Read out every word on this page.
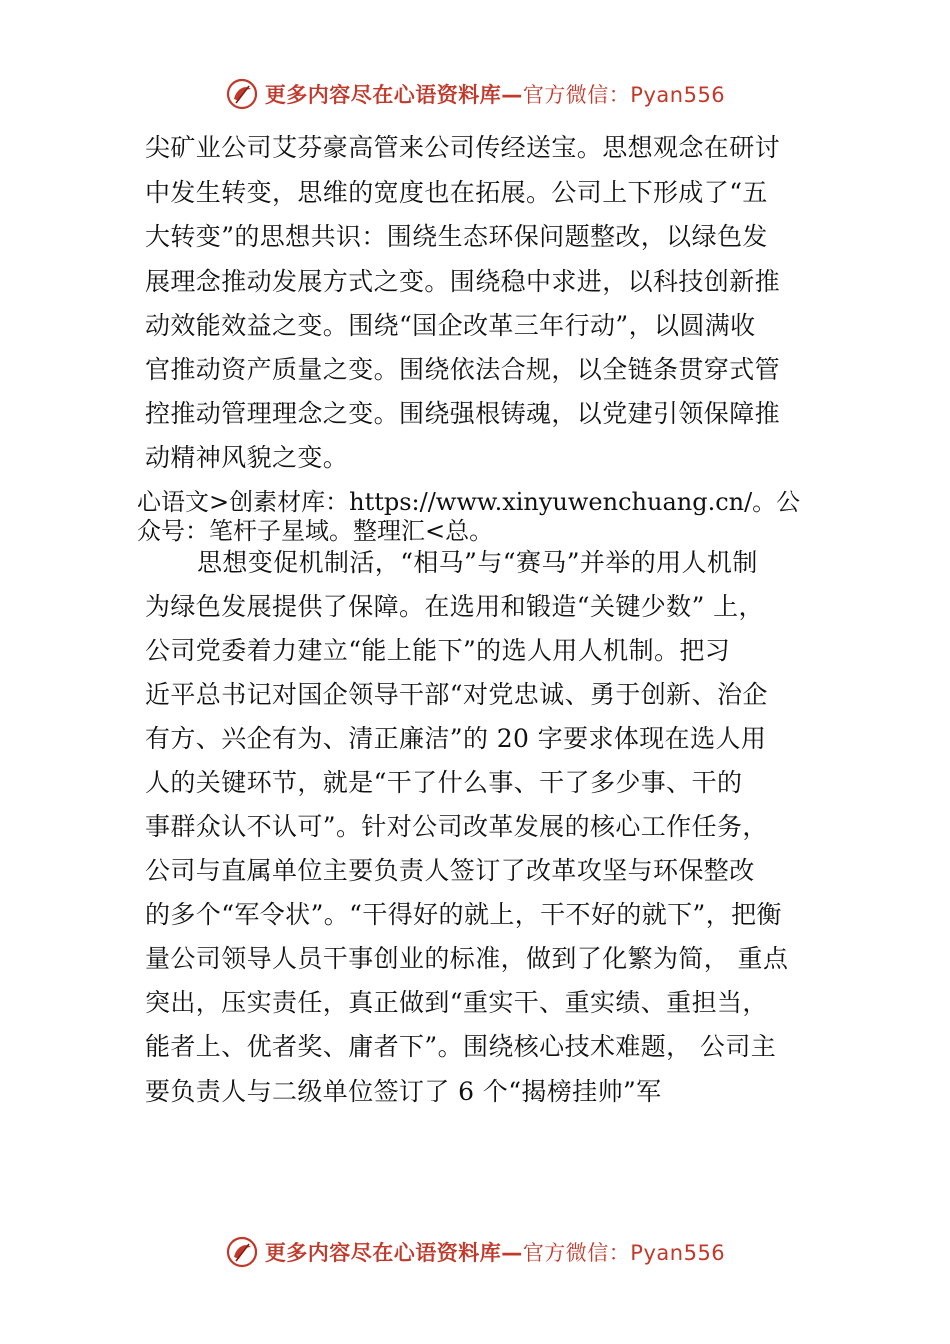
更多内容尽在心语资料库—官方微信：Pyan556
尖矿业公司艾芬豪高管来公司传经送宝。思想观念在研讨
中发生转变，思维的宽度也在拓展。公司上下形成了“五
大转变”的思想共识：围绕生态环保问题整改，以绿色发
展理念推动发展方式之变。围绕稳中求进，以科技创新推
动效能效益之变。围绕“国企改革三年行动”，以圆满收
官推动资产质量之变。围绕依法合规，以全链条贯穿式管
控推动管理理念之变。围绕强根铸魂，以党建引领保障推
动精神风貌之变。
心语文>创素材库：https://www.xinyuwenchuang.cn/。公
众号：笔杆子星域。整理汇<总。
思想变促机制活，“相马”与“赛马”并举的用人机制
为绿色发展提供了保障。在选用和锻造“关键少数” 上，
公司党委着力建立“能上能下”的选人用人机制。把习
近平总书记对国企领导干部“对党忠诚、勇于创新、治企
有方、兴企有为、清正廉洁”的 20 字要求体现在选人用
人的关键环节，就是“干了什么事、干了多少事、干的
事群众认不认可”。针对公司改革发展的核心工作任务，
公司与直属单位主要负责人签订了改革攻坚与环保整改
的多个“军令状”。“干得好的就上，干不好的就下”，把衡
量公司领导人员干事创业的标准，做到了化繁为简， 重点
突出，压实责任，真正做到“重实干、重实绩、重担当，
能者上、优者奖、庸者下”。围绕核心技术难题， 公司主
要负责人与二级单位签订了 6 个“揭榜挂帅”军
更多内容尽在心语资料库—官方微信：Pyan556
